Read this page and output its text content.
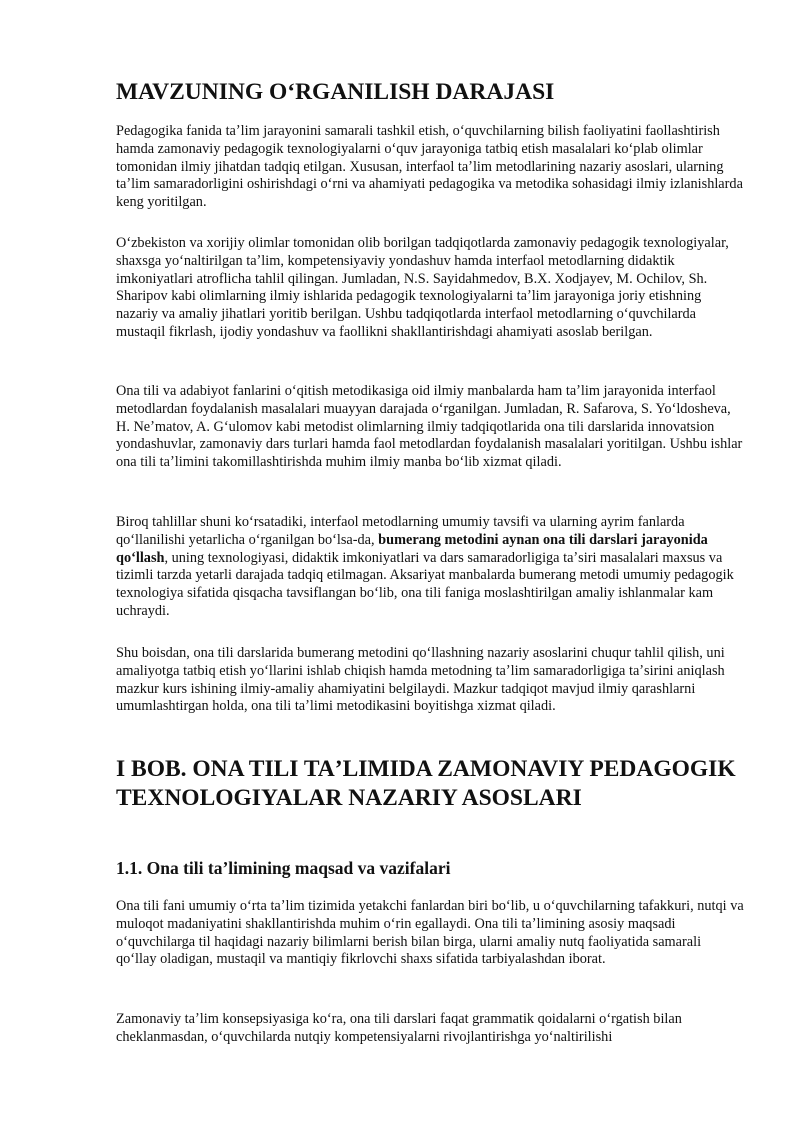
MAVZUNING OʻRGANILISH DARAJASI

Pedagogika fanida taʼlim jarayonini samarali tashkil etish, oʻquvchilarning bilish faoliyatini faollashtirish hamda zamonaviy pedagogik texnologiyalarni oʻquv jarayoniga tatbiq etish masalalari koʻplab olimlar tomonidan ilmiy jihatdan tadqiq etilgan. Xususan, interfaol taʼlim metodlarining nazariy asoslari, ularning taʼlim samaradorligini oshirishdagi oʻrni va ahamiyati pedagogika va metodika sohasidagi ilmiy izlanishlarda keng yoritilgan.

Oʻzbekiston va xorijiy olimlar tomonidan olib borilgan tadqiqotlarda zamonaviy pedagogik texnologiyalar, shaxsga yoʻnaltirilgan taʼlim, kompetensiyaviy yondashuv hamda interfaol metodlarning didaktik imkoniyatlari atroflicha tahlil qilingan. Jumladan, N.S. Sayidahmedov, B.X. Xodjayev, M. Ochilov, Sh. Sharipov kabi olimlarning ilmiy ishlarida pedagogik texnologiyalarni taʼlim jarayoniga joriy etishning nazariy va amaliy jihatlari yoritib berilgan. Ushbu tadqiqotlarda interfaol metodlarning oʻquvchilarda mustaqil fikrlash, ijodiy yondashuv va faollikni shakllantirishdagi ahamiyati asoslab berilgan.

Ona tili va adabiyot fanlarini oʻqitish metodikasiga oid ilmiy manbalarda ham taʼlim jarayonida interfaol metodlardan foydalanish masalalari muayyan darajada oʻrganilgan. Jumladan, R. Safarova, S. Yoʻldosheva, H. Neʼmatov, A. Gʻulomov kabi metodist olimlarning ilmiy tadqiqotlarida ona tili darslarida innovatsion yondashuvlar, zamonaviy dars turlari hamda faol metodlardan foydalanish masalalari yoritilgan. Ushbu ishlar ona tili taʼlimini takomillashtirishda muhim ilmiy manba boʻlib xizmat qiladi.

Biroq tahlillar shuni koʻrsatadiki, interfaol metodlarning umumiy tavsifi va ularning ayrim fanlarda qoʻllanilishi yetarlicha oʻrganilgan boʻlsa-da, bumerang metodini aynan ona tili darslari jarayonida qoʻllash, uning texnologiyasi, didaktik imkoniyatlari va dars samaradorligiga taʼsiri masalalari maxsus va tizimli tarzda yetarli darajada tadqiq etilmagan. Aksariyat manbalarda bumerang metodi umumiy pedagogik texnologiya sifatida qisqacha tavsiflangan boʻlib, ona tili faniga moslashtirilgan amaliy ishlanmalar kam uchraydi.

Shu boisdan, ona tili darslarida bumerang metodini qoʻllashning nazariy asoslarini chuqur tahlil qilish, uni amaliyotga tatbiq etish yoʻllarini ishlab chiqish hamda metodning taʼlim samaradorligiga taʼsirini aniqlash mazkur kurs ishining ilmiy-amaliy ahamiyatini belgilaydi. Mazkur tadqiqot mavjud ilmiy qarashlarni umumlashtirgan holda, ona tili taʼlimi metodikasini boyitishga xizmat qiladi.

I BOB. ONA TILI TAʼLIMIDA ZAMONAVIY PEDAGOGIK TEXNOLOGIYALAR NAZARIY ASOSLARI
1.1. Ona tili taʼlimining maqsad va vazifalari

Ona tili fani umumiy oʻrta taʼlim tizimida yetakchi fanlardan biri boʻlib, u oʻquvchilarning tafakkuri, nutqi va muloqot madaniyatini shakllantirishda muhim oʻrin egallaydi. Ona tili taʼlimining asosiy maqsadi oʻquvchilarga til haqidagi nazariy bilimlarni berish bilan birga, ularni amaliy nutq faoliyatida samarali qoʻllay oladigan, mustaqil va mantiqiy fikrlovchi shaxs sifatida tarbiyalashdan iborat.

Zamonaviy taʼlim konsepsiyasiga koʻra, ona tili darslari faqat grammatik qoidalarni oʻrgatish bilan cheklanmasdan, oʻquvchilarda nutqiy kompetensiyalarni rivojlantirishga yoʻnaltirilishi
